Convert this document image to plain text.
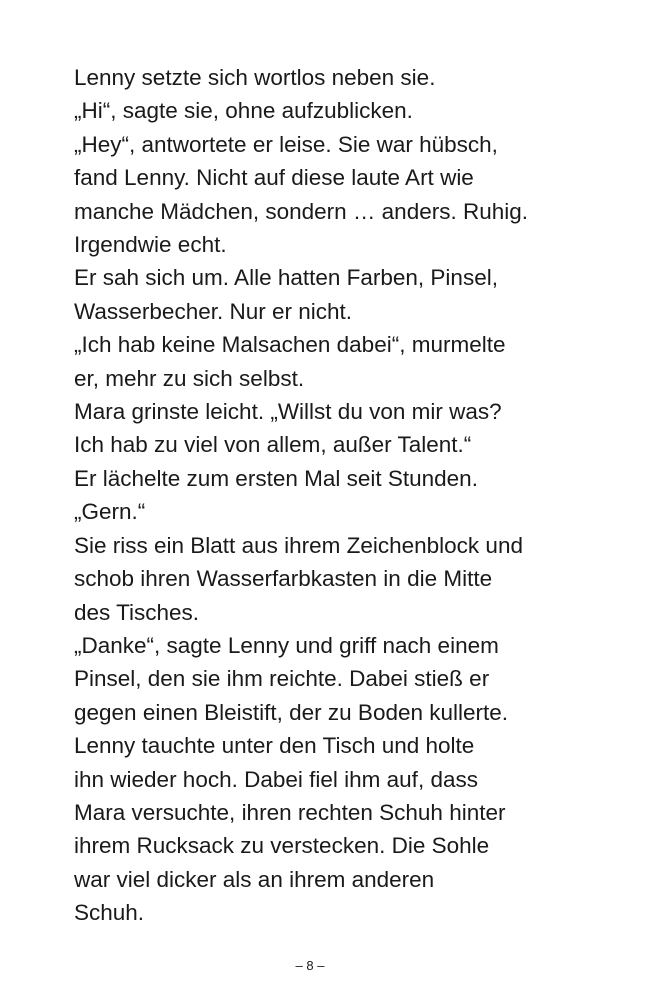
Lenny setzte sich wortlos neben sie.
„Hi“, sagte sie, ohne aufzublicken.
„Hey“, antwortete er leise. Sie war hübsch,
fand Lenny. Nicht auf diese laute Art wie
manche Mädchen, sondern … anders. Ruhig.
Irgendwie echt.
Er sah sich um. Alle hatten Farben, Pinsel,
Wasserbecher. Nur er nicht.
„Ich hab keine Malsachen dabei“, murmelte
er, mehr zu sich selbst.
Mara grinste leicht. „Willst du von mir was?
Ich hab zu viel von allem, außer Talent.“
Er lächelte zum ersten Mal seit Stunden.
„Gern.“
Sie riss ein Blatt aus ihrem Zeichenblock und
schob ihren Wasserfarbkasten in die Mitte
des Tisches.
„Danke“, sagte Lenny und griff nach einem
Pinsel, den sie ihm reichte. Dabei stieß er
gegen einen Bleistift, der zu Boden kullerte.
Lenny tauchte unter den Tisch und holte
ihn wieder hoch. Dabei fiel ihm auf, dass
Mara versuchte, ihren rechten Schuh hinter
ihrem Rucksack zu verstecken. Die Sohle
war viel dicker als an ihrem anderen
Schuh.
– 8 –
